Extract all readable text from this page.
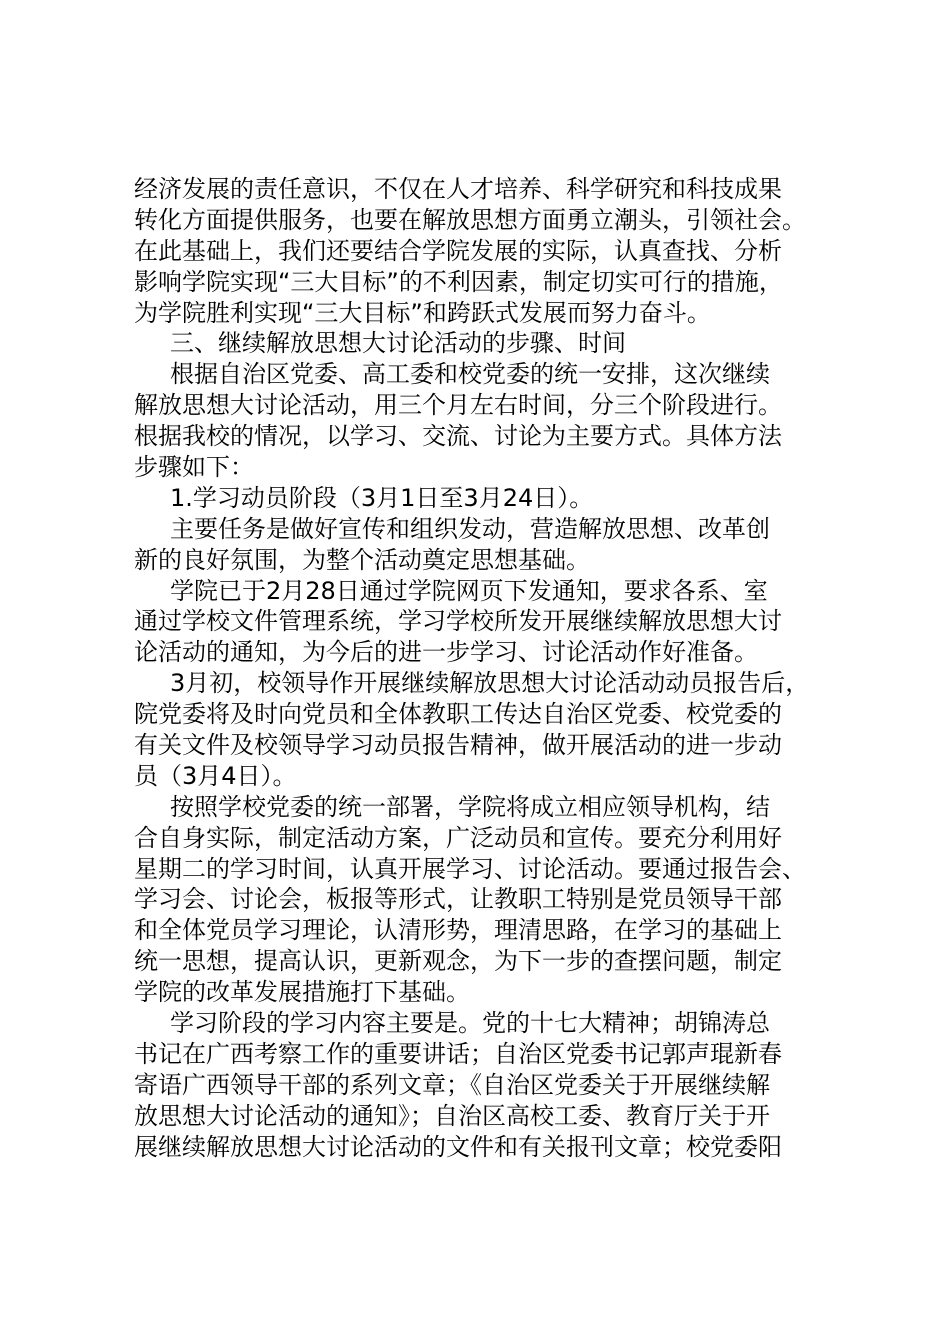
经济发展的责任意识，不仅在人才培养、科学研究和科技成果
转化方面提供服务，也要在解放思想方面勇立潮头，引领社会。
在此基础上，我们还要结合学院发展的实际，认真查找、分析
影响学院实现“三大目标”的不利因素，制定切实可行的措施，
为学院胜利实现“三大目标”和跨跃式发展而努力奋斗。
三、继续解放思想大讨论活动的步骤、时间
根据自治区党委、高工委和校党委的统一安排，这次继续
解放思想大讨论活动，用三个月左右时间，分三个阶段进行。
根据我校的情况，以学习、交流、讨论为主要方式。具体方法
步骤如下：
1.学习动员阶段（3月1日至3月24日）。
主要任务是做好宣传和组织发动，营造解放思想、改革创
新的良好氛围，为整个活动奠定思想基础。
学院已于2月28日通过学院网页下发通知，要求各系、室
通过学校文件管理系统，学习学校所发开展继续解放思想大讨
论活动的通知，为今后的进一步学习、讨论活动作好准备。
3月初，校领导作开展继续解放思想大讨论活动动员报告后，
院党委将及时向党员和全体教职工传达自治区党委、校党委的
有关文件及校领导学习动员报告精神，做开展活动的进一步动
员（3月4日）。
按照学校党委的统一部署，学院将成立相应领导机构，结
合自身实际，制定活动方案，广泛动员和宣传。要充分利用好
星期二的学习时间，认真开展学习、讨论活动。要通过报告会、
学习会、讨论会，板报等形式，让教职工特别是党员领导干部
和全体党员学习理论，认清形势，理清思路，在学习的基础上
统一思想，提高认识，更新观念，为下一步的查摆问题，制定
学院的改革发展措施打下基础。
学习阶段的学习内容主要是。党的十七大精神；胡锦涛总
书记在广西考察工作的重要讲话；自治区党委书记郭声琨新春
寄语广西领导干部的系列文章；《自治区党委关于开展继续解
放思想大讨论活动的通知》；自治区高校工委、教育厅关于开
展继续解放思想大讨论活动的文件和有关报刊文章；校党委阳
